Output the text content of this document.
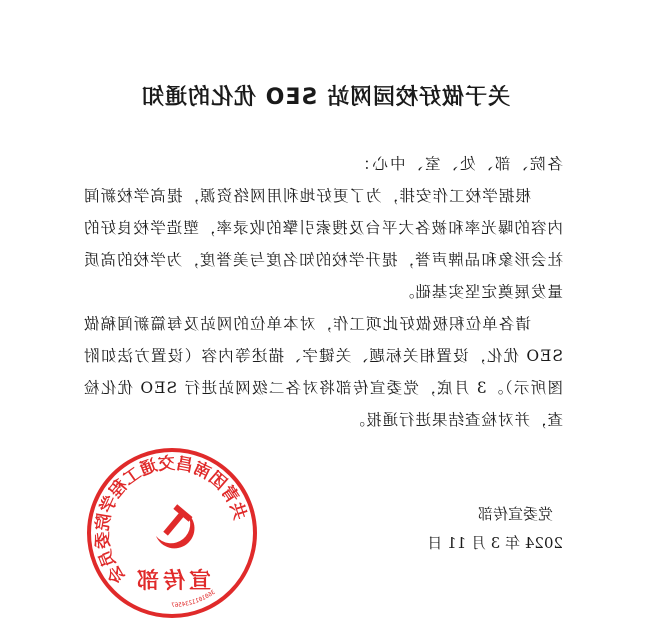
关于做好校园网站 SEO 优化的通知
各院、部、处、室、中心：
根据学校工作安排，为了更好地利用网络资源，提高学校新闻内容的曝光率和被各大平台及搜索引擎的收录率，塑造学校良好的社会形象和品牌声誉，提升学校的知名度与美誉度，为学校的高质量发展奠定坚实基础。
请各单位积极做好此项工作，对本单位的网站及每篇新闻稿做 SEO 优化，设置相关标题、关键字、描述等内容（设置方法如附图所示）。3 月底，党委宣传部将对各二级网站进行 SEO 优化检查，并对检查结果进行通报。
党委宣传部
2024 年 3 月 11 日
共青团南昌交通工程学院委员会
3601011234567
宣传部
